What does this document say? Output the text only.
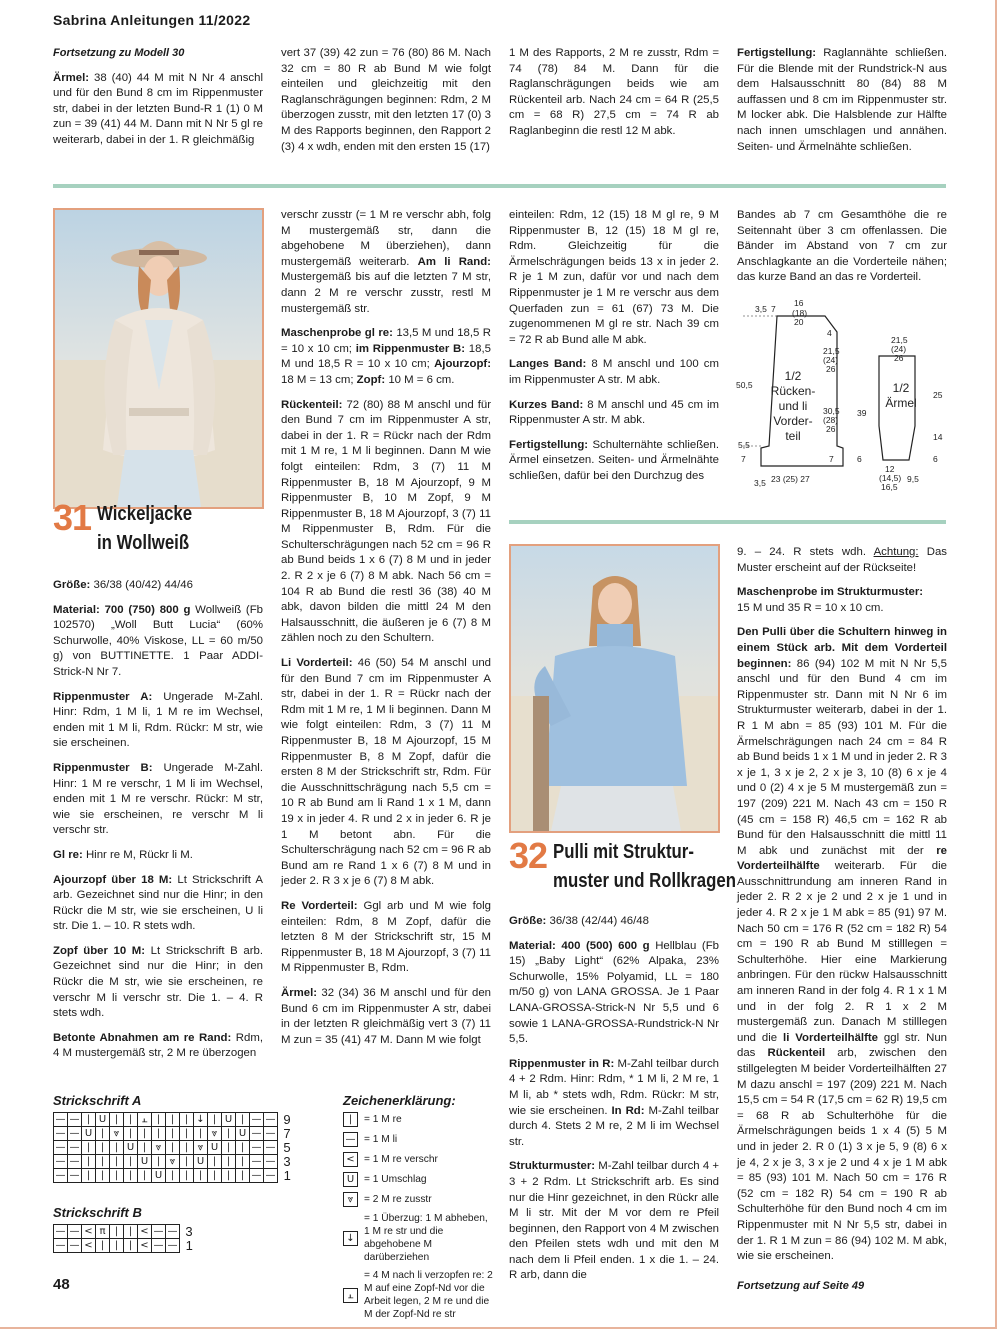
Sabrina Anleitungen 11/2022

Fortsetzung zu Modell 30

Ärmel: 38 (40) 44 M mit N Nr 4 anschl und für den Bund 8 cm im Rippenmuster str, dabei in der letzten Bund-R 1 (1) 0 M zun = 39 (41) 44 M. Dann mit N Nr 5 gl re weiterarb, dabei in der 1. R gleichmäßig

vert 37 (39) 42 zun = 76 (80) 86 M. Nach 32 cm = 80 R ab Bund M wie folgt einteilen und gleichzeitig mit den Raglanschrägungen beginnen: Rdm, 2 M überzogen zusstr, mit den letzten 17 (0) 3 M des Rapports beginnen, den Rapport 2 (3) 4 x wdh, enden mit den ersten 15 (17)
1 M des Rapports, 2 M re zusstr, Rdm = 74 (78) 84 M. Dann für die Raglanschrägungen beids wie am Rückenteil arb. Nach 24 cm = 64 R (25,5 cm = 68 R) 27,5 cm = 74 R ab Raglanbeginn die restl 12 M abk.
Fertigstellung: Raglannähte schließen. Für die Blende mit der Rundstrick-N aus dem Halsausschnitt 80 (84) 88 M auffassen und 8 cm im Rippenmuster str. M locker abk. Die Halsblende zur Hälfte nach innen umschlagen und annähen. Seiten- und Ärmelnähte schließen.
31 Wickeljacke
in Wollweiß

Größe: 36/38 (40/42) 44/46

Material: 700 (750) 800 g Wollweiß (Fb 102570) „Woll Butt Lucia“ (60% Schurwolle, 40% Viskose, LL = 60 m/50 g) von BUTTINETTE. 1 Paar ADDI-Strick-N Nr 7.

Rippenmuster A: Ungerade M-Zahl. Hinr: Rdm, 1 M li, 1 M re im Wechsel, enden mit 1 M li, Rdm. Rückr: M str, wie sie erscheinen.

Rippenmuster B: Ungerade M-Zahl. Hinr: 1 M re verschr, 1 M li im Wechsel, enden mit 1 M re verschr. Rückr: M str, wie sie erscheinen, re verschr M li verschr str.

Gl re: Hinr re M, Rückr li M.

Ajourzopf über 18 M: Lt Strickschrift A arb. Gezeichnet sind nur die Hinr; in den Rückr die M str, wie sie erscheinen, U li str. Die 1. – 10. R stets wdh.

Zopf über 10 M: Lt Strickschrift B arb. Gezeichnet sind nur die Hinr; in den Rückr die M str, wie sie erscheinen, re verschr M li verschr str. Die 1. – 4. R stets wdh.

Betonte Abnahmen am re Rand: Rdm, 4 M mustergemäß str, 2 M re überzogen

verschr zusstr (= 1 M re verschr abh, folg M mustergemäß str, dann die abgehobene M überziehen), dann mustergemäß weiterarb. Am li Rand: Mustergemäß bis auf die letzten 7 M str, dann 2 M re verschr zusstr, restl M mustergemäß str.

Maschenprobe gl re: 13,5 M und 18,5 R = 10 x 10 cm; im Rippenmuster B: 18,5 M und 18,5 R = 10 x 10 cm; Ajourzopf: 18 M = 13 cm; Zopf: 10 M = 6 cm.

Rückenteil: 72 (80) 88 M anschl und für den Bund 7 cm im Rippenmuster A str, dabei in der 1. R = Rückr nach der Rdm mit 1 M re, 1 M li beginnen. Dann M wie folgt einteilen: Rdm, 3 (7) 11 M Rippenmuster B, 18 M Ajourzopf, 9 M Rippenmuster B, 10 M Zopf, 9 M Rippenmuster B, 18 M Ajourzopf, 3 (7) 11 M Rippenmuster B, Rdm. Für die Schulterschrägungen nach 52 cm = 96 R ab Bund beids 1 x 6 (7) 8 M und in jeder 2. R 2 x je 6 (7) 8 M abk. Nach 56 cm = 104 R ab Bund die restl 36 (38) 40 M abk, davon bilden die mittl 24 M den Halsausschnitt, die äußeren je 6 (7) 8 M zählen noch zu den Schultern.

Li Vorderteil: 46 (50) 54 M anschl und für den Bund 7 cm im Rippenmuster A str, dabei in der 1. R = Rückr nach der Rdm mit 1 M re, 1 M li beginnen. Dann M wie folgt einteilen: Rdm, 3 (7) 11 M Rippenmuster B, 18 M Ajourzopf, 15 M Rippenmuster B, 8 M Zopf, dafür die ersten 8 M der Strickschrift str, Rdm. Für die Ausschnittschrägung nach 5,5 cm = 10 R ab Bund am li Rand 1 x 1 M, dann 19 x in jeder 4. R und 2 x in jeder 6. R je 1 M betont abn. Für die Schulterschrägung nach 52 cm = 96 R ab Bund am re Rand 1 x 6 (7) 8 M und in jeder 2. R 3 x je 6 (7) 8 M abk.

Re Vorderteil: Ggl arb und M wie folg einteilen: Rdm, 8 M Zopf, dafür die letzten 8 M der Strickschrift str, 15 M Rippenmuster B, 18 M Ajourzopf, 3 (7) 11 M Rippenmuster B, Rdm.

Ärmel: 32 (34) 36 M anschl und für den Bund 6 cm im Rippenmuster A str, dabei in der letzten R gleichmäßig vert 3 (7) 11 M zun = 35 (41) 47 M. Dann M wie folgt

einteilen: Rdm, 12 (15) 18 M gl re, 9 M Rippenmuster B, 12 (15) 18 M gl re, Rdm. Gleichzeitig für die Ärmelschrägungen beids 13 x in jeder 2. R je 1 M zun, dafür vor und nach dem Rippenmuster je 1 M re verschr aus dem Querfaden zun = 61 (67) 73 M. Die zugenommenen M gl re str. Nach 39 cm = 72 R ab Bund alle M abk.

Langes Band: 8 M anschl und 100 cm im Rippenmuster A str. M abk.

Kurzes Band: 8 M anschl und 45 cm im Rippenmuster A str. M abk.

Fertigstellung: Schulternähte schließen. Ärmel einsetzen. Seiten- und Ärmelnähte schließen, dafür bei den Durchzug des

Bandes ab 7 cm Gesamthöhe die re Seitennaht über 3 cm offenlassen. Die Bänder im Abstand von 7 cm zur Anschlagkante an die Vorderteile nähen; das kurze Band an das re Vorderteil.
3,5 7
16
(18)
20
4
21,5
(24)
26
50,5
30,5
(28)
26
5,5
7	7
3,5 23 (25) 27
39
21,5
(24)
26
25
14
6	6
12
(14,5)
16,5
9,5
1/2
Rücken-
und li
Vorder-
teil
1/2
Ärmel
32 Pulli mit Struktur-
muster und Rollkragen

Größe: 36/38 (42/44) 46/48

Material: 400 (500) 600 g Hellblau (Fb 15) „Baby Light“ (62% Alpaka, 23% Schurwolle, 15% Polyamid, LL = 180 m/50 g) von LANA GROSSA. Je 1 Paar LANA-GROSSA-Strick-N Nr 5,5 und 6 sowie 1 LANA-GROSSA-Rundstrick-N Nr 5,5.

Rippenmuster in R: M-Zahl teilbar durch 4 + 2 Rdm. Hinr: Rdm, * 1 M li, 2 M re, 1 M li, ab * stets wdh, Rdm. Rückr: M str, wie sie erscheinen. In Rd: M-Zahl teilbar durch 4. Stets 2 M re, 2 M li im Wechsel str.

Strukturmuster: M-Zahl teilbar durch 4 + 3 + 2 Rdm. Lt Strickschrift arb. Es sind nur die Hinr gezeichnet, in den Rückr alle M li str. Mit der M vor dem re Pfeil beginnen, den Rapport von 4 M zwischen den Pfeilen stets wdh und mit den M nach dem li Pfeil enden. 1 x die 1. – 24. R arb, dann die

9. – 24. R stets wdh. Achtung: Das Muster erscheint auf der Rückseite!

Maschenprobe im Strukturmuster:
15 M und 35 R = 10 x 10 cm.

Den Pulli über die Schultern hinweg in einem Stück arb. Mit dem Vorderteil beginnen: 86 (94) 102 M mit N Nr 5,5 anschl und für den Bund 4 cm im Rippenmuster str. Dann mit N Nr 6 im Strukturmuster weiterarb, dabei in der 1. R 1 M abn = 85 (93) 101 M. Für die Ärmelschrägungen nach 24 cm = 84 R ab Bund beids 1 x 1 M und in jeder 2. R 3 x je 1, 3 x je 2, 2 x je 3, 10 (8) 6 x je 4 und 0 (2) 4 x je 5 M mustergemäß zun = 197 (209) 221 M. Nach 43 cm = 150 R (45 cm = 158 R) 46,5 cm = 162 R ab Bund für den Halsausschnitt die mittl 11 M abk und zunächst mit der re Vorderteilhälfte weiterarb. Für die Ausschnittrundung am inneren Rand in jeder 2. R 2 x je 2 und 2 x je 1 und in jeder 4. R 2 x je 1 M abk = 85 (91) 97 M. Nach 50 cm = 176 R (52 cm = 182 R) 54 cm = 190 R ab Bund M stilllegen = Schulterhöhe. Hier eine Markierung anbringen. Für den rückw Halsausschnitt am inneren Rand in der folg 4. R 1 x 1 M und in der folg 2. R 1 x 2 M mustergemäß zun. Danach M stilllegen und die li Vorderteilhälfte ggl str. Nun das Rückenteil arb, zwischen den stillgelegten M beider Vorderteilhälften 27 M dazu anschl = 197 (209) 221 M. Nach 15,5 cm = 54 R (17,5 cm = 62 R) 19,5 cm = 68 R ab Schulterhöhe für die Ärmelschrägungen beids 1 x 4 (5) 5 M und in jeder 2. R 0 (1) 3 x je 5, 9 (8) 6 x je 4, 2 x je 3, 3 x je 2 und 4 x je 1 M abk = 85 (93) 101 M. Nach 50 cm = 176 R (52 cm = 182 R) 54 cm = 190 R ab Schulterhöhe für den Bund noch 4 cm im Rippenmuster mit N Nr 5,5 str, dabei in der 1. R 1 M zun = 86 (94) 102 M. M abk, wie sie erscheinen.

Fortsetzung auf Seite 49

Strickschrift A
—	—	|	U	|	|	⫠	|	|	|	↓	|	U	|	—	—	9
—	—	U	|	⩔	|	|	|	|	|	|	⩔	|	U	—	—	7
—	—	|	|	|	U	|	⩔	|	|	⩔	U	|	|	—	—	5
—	—	|	|	|	|	U	|	⩔	|	U	|	|	|	—	—	3
—	—	|	|	|	|	|	U	|	|	|	|	|	|	—	—	1
Strickschrift B
—	—	<	π	|	|	<	—	—	3
—	—	<	|	|	|	<	—	—	1
Zeichenerklärung:
|	= 1 M re
— = 1 M li
< = 1 M re verschr
U = 1 Umschlag
⩔	= 2 M re zusstr
↓
= 1 Überzug: 1 M abheben, 1 M re str und die abgehobene M darüberziehen
⫠
= 4 M nach li verzopfen re: 2 M auf eine Zopf-Nd vor die Arbeit legen, 2 M re und die M der Zopf-Nd re str
48
